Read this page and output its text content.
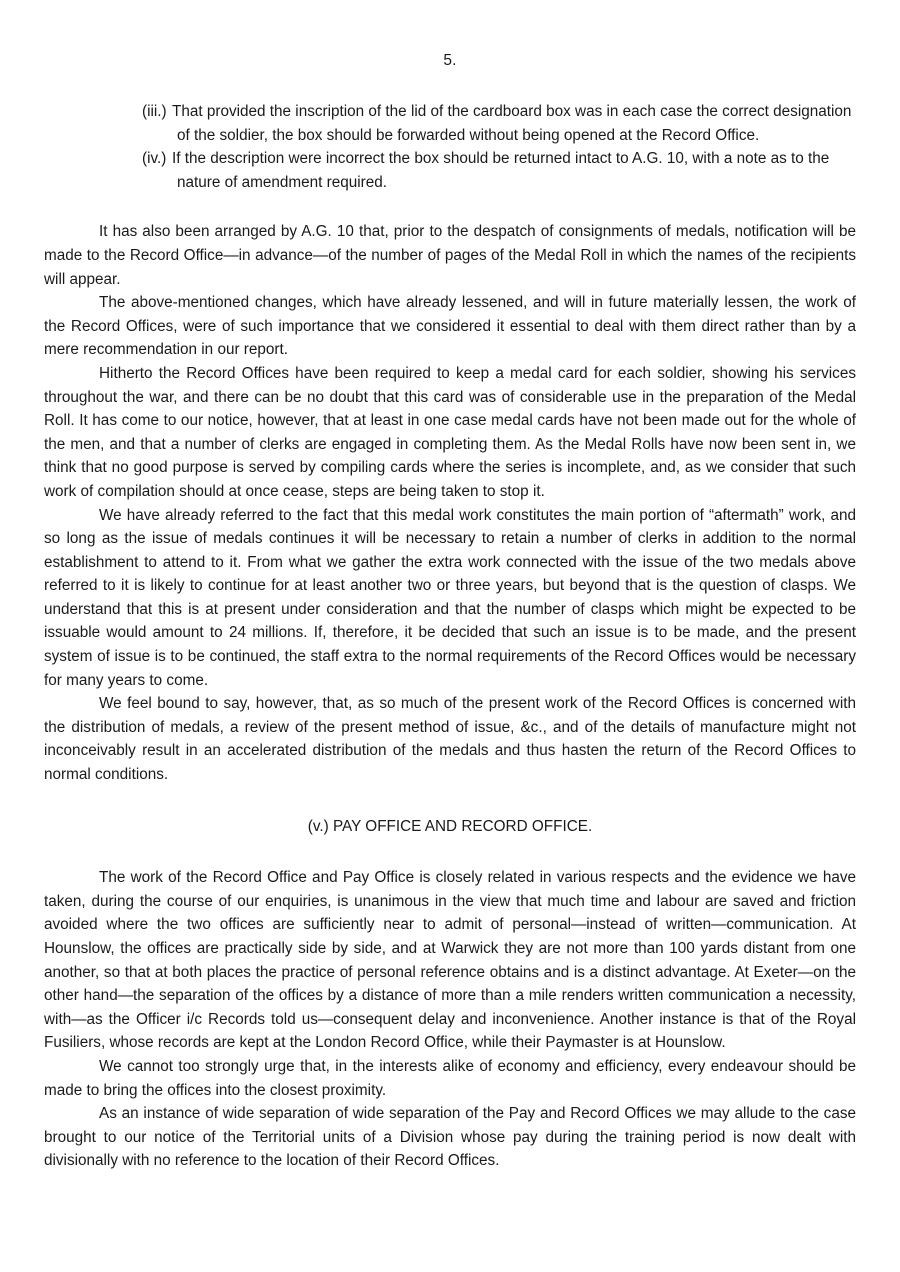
5.
(iii.) That provided the inscription of the lid of the cardboard box was in each case the correct designation of the soldier, the box should be forwarded without being opened at the Record Office.
(iv.) If the description were incorrect the box should be returned intact to A.G. 10, with a note as to the nature of amendment required.

It has also been arranged by A.G. 10 that, prior to the despatch of consignments of medals, notification will be made to the Record Office—in advance—of the number of pages of the Medal Roll in which the names of the recipients will appear.

The above-mentioned changes, which have already lessened, and will in future materially lessen, the work of the Record Offices, were of such importance that we considered it essential to deal with them direct rather than by a mere recommendation in our report.

Hitherto the Record Offices have been required to keep a medal card for each soldier, showing his services throughout the war, and there can be no doubt that this card was of considerable use in the preparation of the Medal Roll. It has come to our notice, however, that at least in one case medal cards have not been made out for the whole of the men, and that a number of clerks are engaged in completing them. As the Medal Rolls have now been sent in, we think that no good purpose is served by compiling cards where the series is incomplete, and, as we consider that such work of compilation should at once cease, steps are being taken to stop it.

We have already referred to the fact that this medal work constitutes the main portion of “aftermath” work, and so long as the issue of medals continues it will be necessary to retain a number of clerks in addition to the normal establishment to attend to it. From what we gather the extra work connected with the issue of the two medals above referred to it is likely to continue for at least another two or three years, but beyond that is the question of clasps. We understand that this is at present under consideration and that the number of clasps which might be expected to be issuable would amount to 24 millions. If, therefore, it be decided that such an issue is to be made, and the present system of issue is to be continued, the staff extra to the normal requirements of the Record Offices would be necessary for many years to come.

We feel bound to say, however, that, as so much of the present work of the Record Offices is concerned with the distribution of medals, a review of the present method of issue, &c., and of the details of manufacture might not inconceivably result in an accelerated distribution of the medals and thus hasten the return of the Record Offices to normal conditions.

(v.) PAY OFFICE AND RECORD OFFICE.

The work of the Record Office and Pay Office is closely related in various respects and the evidence we have taken, during the course of our enquiries, is unanimous in the view that much time and labour are saved and friction avoided where the two offices are sufficiently near to admit of personal—instead of written—communication. At Hounslow, the offices are practically side by side, and at Warwick they are not more than 100 yards distant from one another, so that at both places the practice of personal reference obtains and is a distinct advantage. At Exeter—on the other hand—the separation of the offices by a distance of more than a mile renders written communication a necessity, with—as the Officer i/c Records told us—consequent delay and inconvenience. Another instance is that of the Royal Fusiliers, whose records are kept at the London Record Office, while their Paymaster is at Hounslow.

We cannot too strongly urge that, in the interests alike of economy and efficiency, every endeavour should be made to bring the offices into the closest proximity.

As an instance of wide separation of wide separation of the Pay and Record Offices we may allude to the case brought to our notice of the Territorial units of a Division whose pay during the training period is now dealt with divisionally with no reference to the location of their Record Offices.
